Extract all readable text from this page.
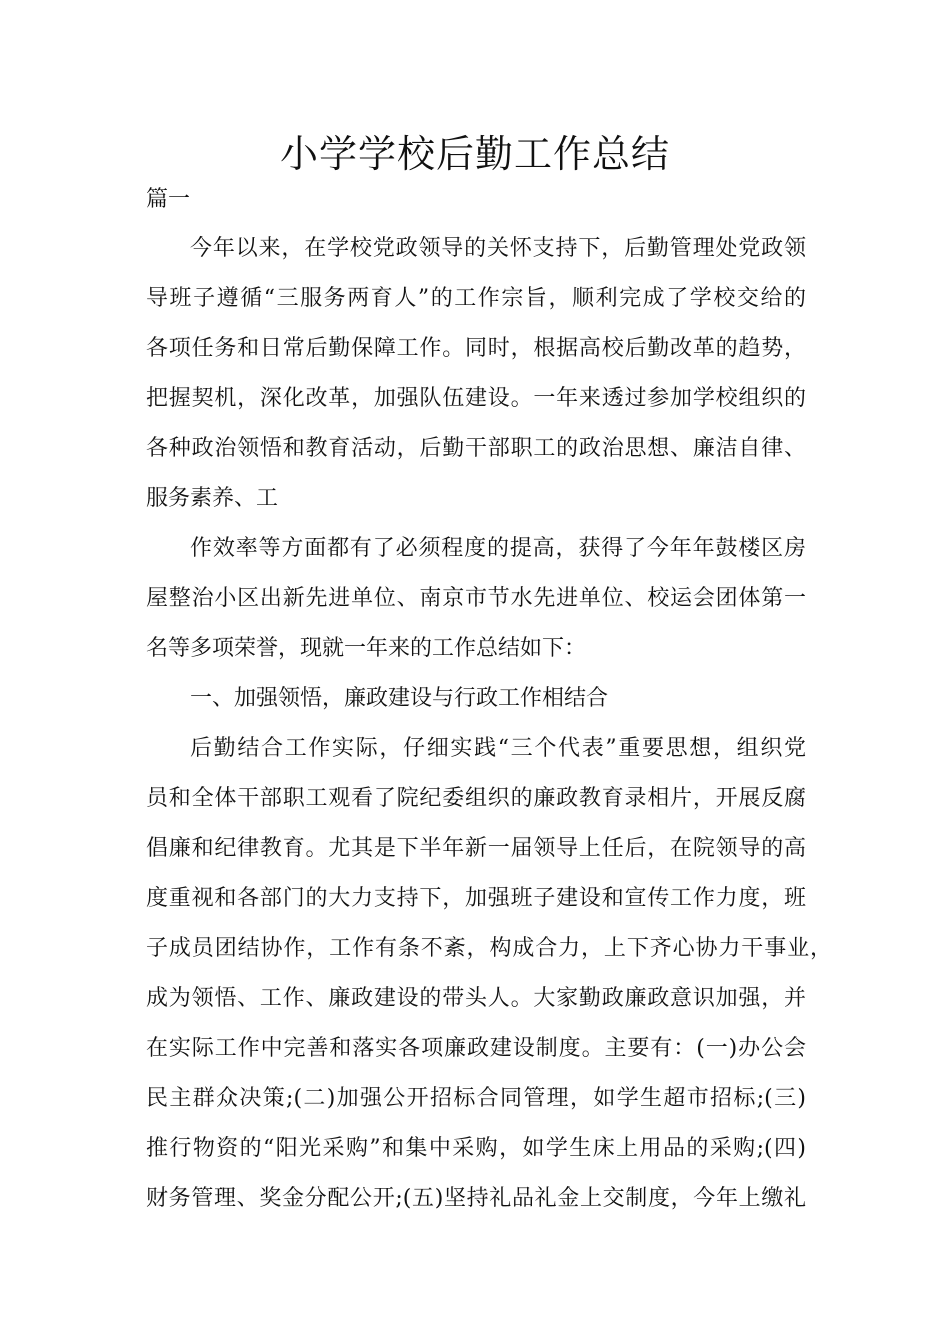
小学学校后勤工作总结
篇一
今年以来，在学校党政领导的关怀支持下，后勤管理处党政领
导班子遵循“三服务两育人”的工作宗旨，顺利完成了学校交给的
各项任务和日常后勤保障工作。同时，根据高校后勤改革的趋势，
把握契机，深化改革，加强队伍建设。一年来透过参加学校组织的
各种政治领悟和教育活动，后勤干部职工的政治思想、廉洁自律、
服务素养、工
作效率等方面都有了必须程度的提高，获得了今年年鼓楼区房
屋整治小区出新先进单位、南京市节水先进单位、校运会团体第一
名等多项荣誉，现就一年来的工作总结如下：
一、加强领悟，廉政建设与行政工作相结合
后勤结合工作实际，仔细实践“三个代表”重要思想，组织党
员和全体干部职工观看了院纪委组织的廉政教育录相片，开展反腐
倡廉和纪律教育。尤其是下半年新一届领导上任后，在院领导的高
度重视和各部门的大力支持下，加强班子建设和宣传工作力度，班
子成员团结协作，工作有条不紊，构成合力，上下齐心协力干事业，
成为领悟、工作、廉政建设的带头人。大家勤政廉政意识加强，并
在实际工作中完善和落实各项廉政建设制度。主要有：(一)办公会
民主群众决策;(二)加强公开招标合同管理，如学生超市招标;(三)
推行物资的“阳光采购”和集中采购，如学生床上用品的采购;(四)
财务管理、奖金分配公开;(五)坚持礼品礼金上交制度，今年上缴礼
